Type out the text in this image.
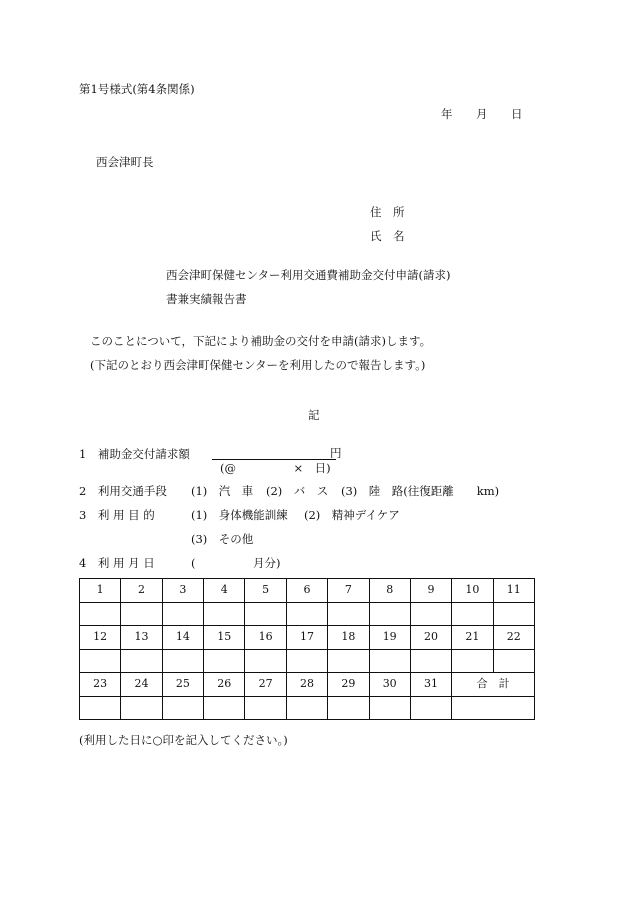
第1号様式(第4条関係)
年 月 日
西会津町長
住　所
氏　名
西会津町保健センター利用交通費補助金交付申請(請求)
書兼実績報告書
このことについて，下記により補助金の交付を申請(請求)します。
(下記のとおり西会津町保健センターを利用したので報告します。)
記
1　補助金交付請求額	円
(@　　　　　×　日)
2　利用交通手段 (1)　汽　車 (2)　バ　ス (3)　陸　路(往復距離　　km)
3　利 用 目 的	(1)　身体機能訓練 (2)　精神デイケア
(3)　その他
4　利 用 月 日	(	月分)
1	2	3	4	5	6	7	8	9	10	11

12	13	14	15	16	17	18	19	20	21	22

23	24	25	26	27	28	29	30	31	合　計	

(利用した日に○印を記入してください。)
